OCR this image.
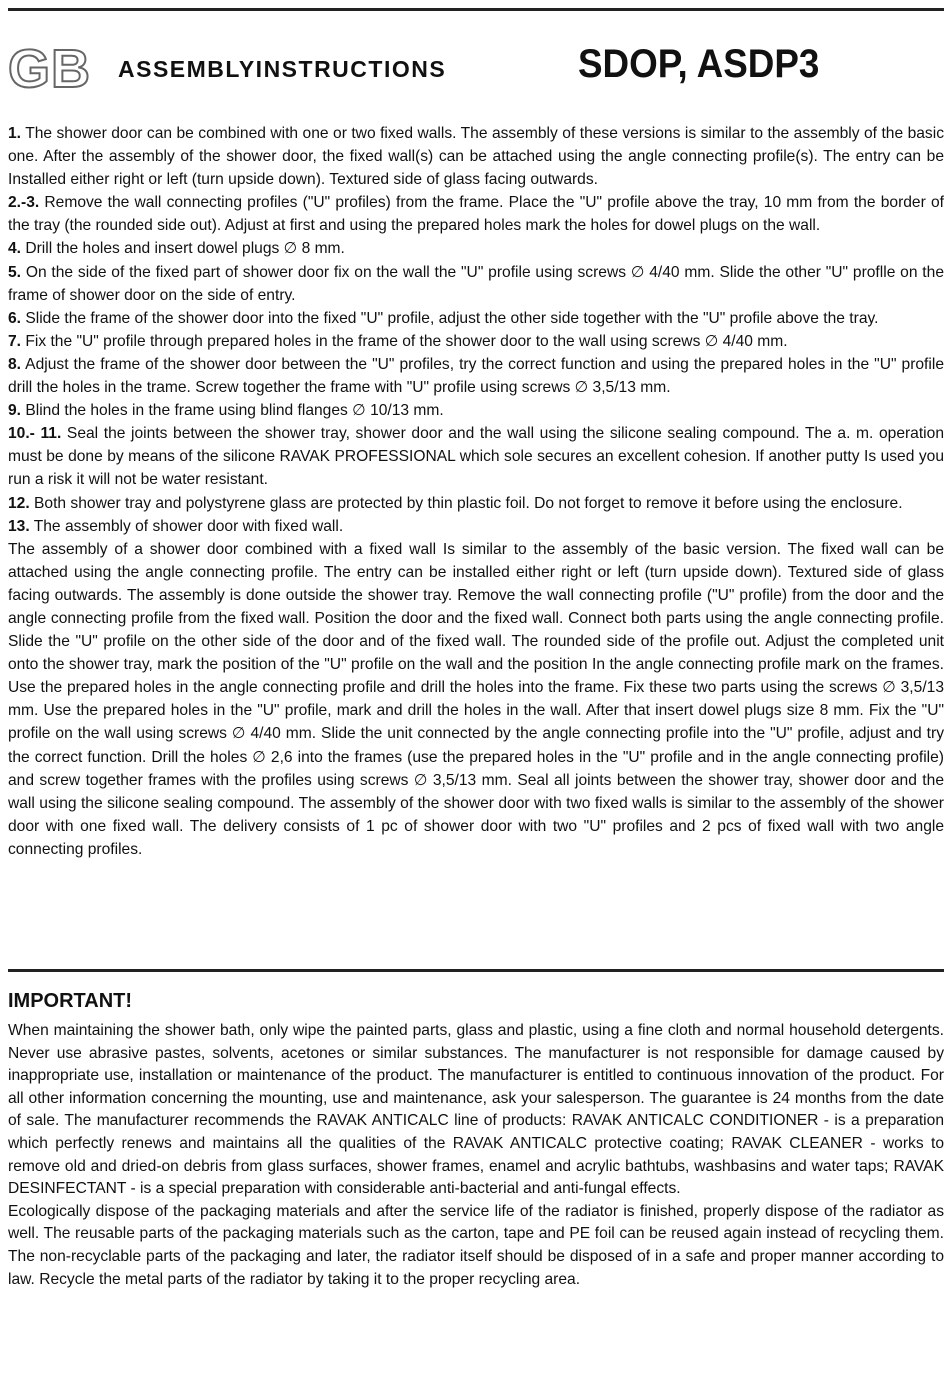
GB ASSEMBLYINSTRUCTIONS	SDOP, ASDP3

1. The shower door can be combined with one or two fixed walls. The assembly of these versions is similar to the assembly of the basic one. After the assembly of the shower door, the fixed wall(s) can be attached using the angle connecting profile(s). The entry can be Installed either right or left (turn upside down). Textured side of glass facing outwards.

2.-3. Remove the wall connecting profiles ("U" profiles) from the frame. Place the "U" profile above the tray, 10 mm from the border of the tray (the rounded side out). Adjust at first and using the prepared holes mark the holes for dowel plugs on the wall.

4. Drill the holes and insert dowel plugs ∅ 8 mm.

5. On the side of the fixed part of shower door fix on the wall the "U" profile using screws ∅ 4/40 mm. Slide the other "U" proflle on the frame of shower door on the side of entry.

6. Slide the frame of the shower door into the fixed "U" profile, adjust the other side together with the "U" profile above the tray.

7. Fix the "U" profile through prepared holes in the frame of the shower door to the wall using screws ∅ 4/40 mm.

8. Adjust the frame of the shower door between the "U" profiles, try the correct function and using the prepared holes in the "U" profile drill the holes in the trame. Screw together the frame with "U" profile using screws ∅ 3,5/13 mm.

9. Blind the holes in the frame using blind flanges ∅ 10/13 mm.

10.- 11. Seal the joints between the shower tray, shower door and the wall using the silicone sealing compound. The a. m. operation must be done by means of the silicone RAVAK PROFESSIONAL which sole secures an excellent cohesion. If another putty Is used you run a risk it will not be water resistant.

12. Both shower tray and polystyrene glass are protected by thin plastic foil. Do not forget to remove it before using the enclosure.

13. The assembly of shower door with fixed wall.

The assembly of a shower door combined with a fixed wall Is similar to the assembly of the basic version. The fixed wall can be attached using the angle connecting profile. The entry can be installed either right or left (turn upside down). Textured side of glass facing outwards. The assembly is done outside the shower tray. Remove the wall connecting profile ("U" profile) from the door and the angle connecting profile from the fixed wall. Position the door and the fixed wall. Connect both parts using the angle connecting profile. Slide the "U" profile on the other side of the door and of the fixed wall. The rounded side of the profile out. Adjust the completed unit onto the shower tray, mark the position of the "U" profile on the wall and the position In the angle connecting profile mark on the frames. Use the prepared holes in the angle connecting profile and drill the holes into the frame. Fix these two parts using the screws ∅ 3,5/13 mm. Use the prepared holes in the "U" profile, mark and drill the holes in the wall. After that insert dowel plugs size 8 mm. Fix the "U" profile on the wall using screws ∅ 4/40 mm. Slide the unit connected by the angle connecting profile into the "U" profile, adjust and try the correct function. Drill the holes ∅ 2,6 into the frames (use the prepared holes in the "U" profile and in the angle connecting profile) and screw together frames with the profiles using screws ∅ 3,5/13 mm. Seal all joints between the shower tray, shower door and the wall using the silicone sealing compound. The assembly of the shower door with two fixed walls is similar to the assembly of the shower door with one fixed wall. The delivery consists of 1 pc of shower door with two "U" profiles and 2 pcs of fixed wall with two angle connecting profiles.

IMPORTANT!

When maintaining the shower bath, only wipe the painted parts, glass and plastic, using a fine cloth and normal household detergents. Never use abrasive pastes, solvents, acetones or similar substances. The manufacturer is not responsible for damage caused by inappropriate use, installation or maintenance of the product. The manufacturer is entitled to continuous innovation of the product. For all other information concerning the mounting, use and maintenance, ask your salesperson. The guarantee is 24 months from the date of sale. The manufacturer recommends the RAVAK ANTICALC line of products: RAVAK ANTICALC CONDITIONER - is a preparation which perfectly renews and maintains all the qualities of the RAVAK ANTICALC protective coating; RAVAK CLEANER - works to remove old and dried-on debris from glass surfaces, shower frames, enamel and acrylic bathtubs, washbasins and water taps; RAVAK DESINFECTANT - is a special preparation with considerable anti-bacterial and anti-fungal effects.

Ecologically dispose of the packaging materials and after the service life of the radiator is finished, properly dispose of the radiator as well. The reusable parts of the packaging materials such as the carton, tape and PE foil can be reused again instead of recycling them. The non-recyclable parts of the packaging and later, the radiator itself should be disposed of in a safe and proper manner according to law. Recycle the metal parts of the radiator by taking it to the proper recycling area.
